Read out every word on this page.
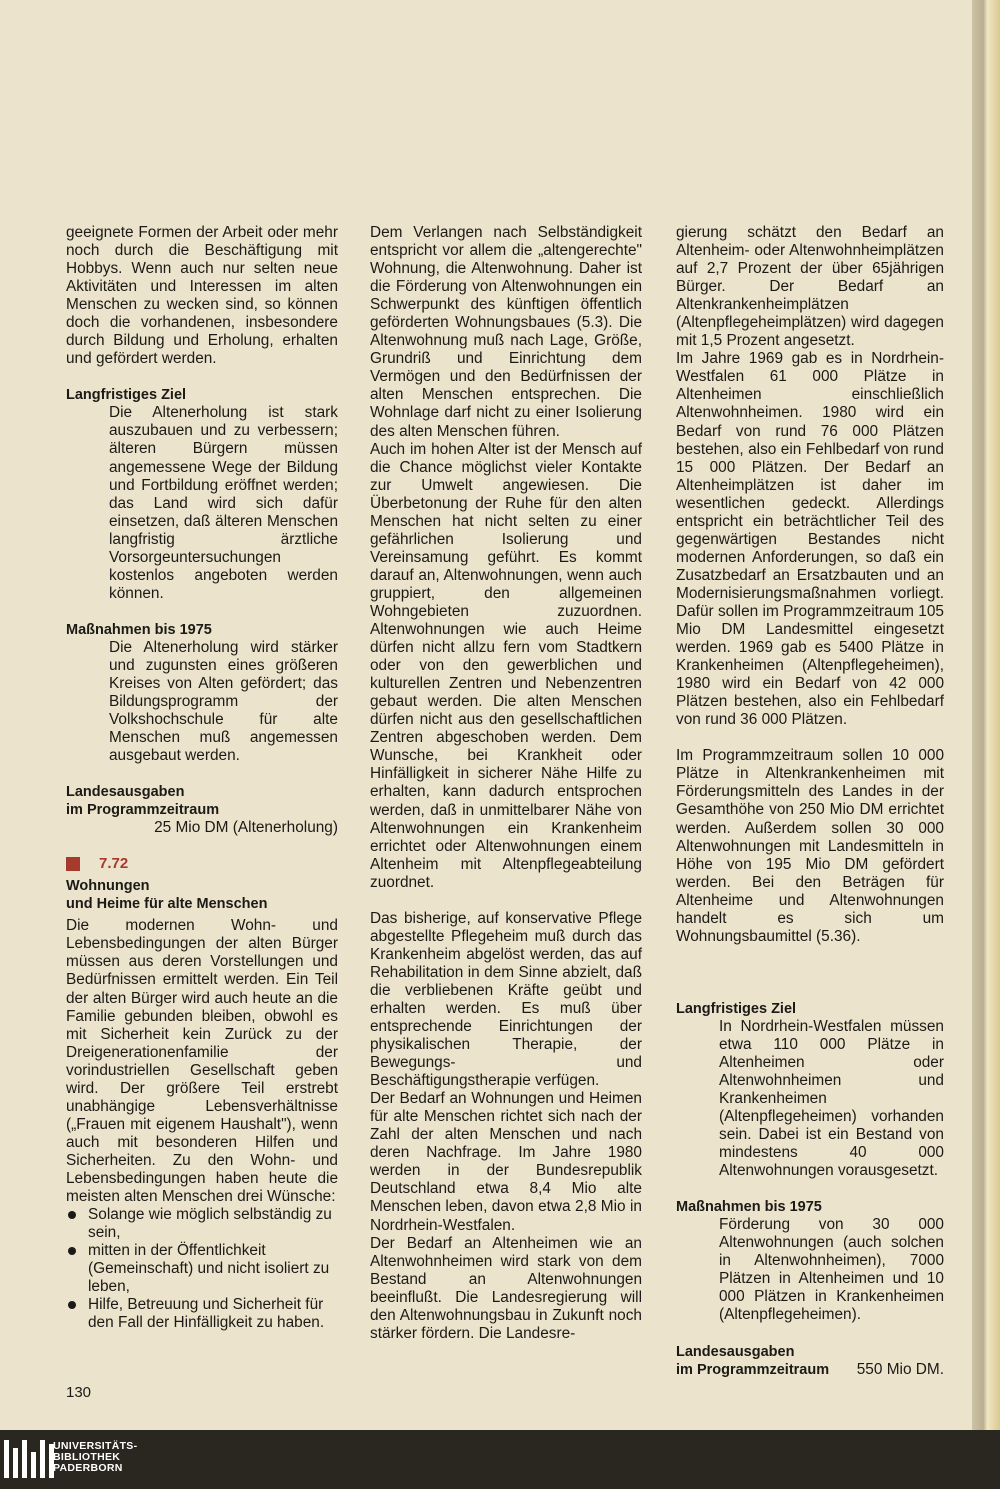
geeignete Formen der Arbeit oder mehr noch durch die Beschäftigung mit Hobbys. Wenn auch nur selten neue Aktivitäten und Interessen im alten Menschen zu wecken sind, so können doch die vorhandenen, insbesondere durch Bildung und Erholung, erhalten und gefördert werden.

Langfristiges Ziel

Die Altenerholung ist stark auszubauen und zu verbessern; älteren Bürgern müssen angemessene Wege der Bildung und Fortbildung eröffnet werden; das Land wird sich dafür einsetzen, daß älteren Menschen langfristig ärztliche Vorsorgeuntersuchungen kostenlos angeboten werden können.

Maßnahmen bis 1975

Die Altenerholung wird stärker und zugunsten eines größeren Kreises von Alten gefördert; das Bildungsprogramm der Volkshochschule für alte Menschen muß angemessen ausgebaut werden.

Landesausgaben
im Programmzeitraum

25 Mio DM (Altenerholung)

7.72
Wohnungen
und Heime für alte Menschen

Die modernen Wohn- und Lebensbedingungen der alten Bürger müssen aus deren Vorstellungen und Bedürfnissen ermittelt werden. Ein Teil der alten Bürger wird auch heute an die Familie gebunden bleiben, obwohl es mit Sicherheit kein Zurück zu der Dreigenerationenfamilie der vorindustriellen Gesellschaft geben wird. Der größere Teil erstrebt unabhängige Lebensverhältnisse („Frauen mit eigenem Haushalt"), wenn auch mit besonderen Hilfen und Sicherheiten. Zu den Wohn- und Lebensbedingungen haben heute die meisten alten Menschen drei Wünsche:

Solange wie möglich selbständig zu sein,
mitten in der Öffentlichkeit (Gemeinschaft) und nicht isoliert zu leben,
Hilfe, Betreuung und Sicherheit für den Fall der Hinfälligkeit zu haben.

Dem Verlangen nach Selbständigkeit entspricht vor allem die „altengerechte" Wohnung, die Altenwohnung. Daher ist die Förderung von Altenwohnungen ein Schwerpunkt des künftigen öffentlich geförderten Wohnungsbaues (5.3). Die Altenwohnung muß nach Lage, Größe, Grundriß und Einrichtung dem Vermögen und den Bedürfnissen der alten Menschen entsprechen. Die Wohnlage darf nicht zu einer Isolierung des alten Menschen führen.

Auch im hohen Alter ist der Mensch auf die Chance möglichst vieler Kontakte zur Umwelt angewiesen. Die Überbetonung der Ruhe für den alten Menschen hat nicht selten zu einer gefährlichen Isolierung und Vereinsamung geführt. Es kommt darauf an, Altenwohnungen, wenn auch gruppiert, den allgemeinen Wohngebieten zuzuordnen. Altenwohnungen wie auch Heime dürfen nicht allzu fern vom Stadtkern oder von den gewerblichen und kulturellen Zentren und Nebenzentren gebaut werden. Die alten Menschen dürfen nicht aus den gesellschaftlichen Zentren abgeschoben werden. Dem Wunsche, bei Krankheit oder Hinfälligkeit in sicherer Nähe Hilfe zu erhalten, kann dadurch entsprochen werden, daß in unmittelbarer Nähe von Altenwohnungen ein Krankenheim errichtet oder Altenwohnungen einem Altenheim mit Altenpflegeabteilung zuordnet.

Das bisherige, auf konservative Pflege abgestellte Pflegeheim muß durch das Krankenheim abgelöst werden, das auf Rehabilitation in dem Sinne abzielt, daß die verbliebenen Kräfte geübt und erhalten werden. Es muß über entsprechende Einrichtungen der physikalischen Therapie, der Bewegungs- und Beschäftigungstherapie verfügen.

Der Bedarf an Wohnungen und Heimen für alte Menschen richtet sich nach der Zahl der alten Menschen und nach deren Nachfrage. Im Jahre 1980 werden in der Bundesrepublik Deutschland etwa 8,4 Mio alte Menschen leben, davon etwa 2,8 Mio in Nordrhein-Westfalen.

Der Bedarf an Altenheimen wie an Altenwohnheimen wird stark von dem Bestand an Altenwohnungen beeinflußt. Die Landesregierung will den Altenwohnungsbau in Zukunft noch stärker fördern. Die Landesre-

gierung schätzt den Bedarf an Altenheim- oder Altenwohnheimplätzen auf 2,7 Prozent der über 65jährigen Bürger. Der Bedarf an Altenkrankenheimplätzen (Altenpflegeheimplätzen) wird dagegen mit 1,5 Prozent angesetzt.

Im Jahre 1969 gab es in Nordrhein-Westfalen 61 000 Plätze in Altenheimen einschließlich Altenwohnheimen. 1980 wird ein Bedarf von rund 76 000 Plätzen bestehen, also ein Fehlbedarf von rund 15 000 Plätzen. Der Bedarf an Altenheimplätzen ist daher im wesentlichen gedeckt. Allerdings entspricht ein beträchtlicher Teil des gegenwärtigen Bestandes nicht modernen Anforderungen, so daß ein Zusatzbedarf an Ersatzbauten und an Modernisierungsmaßnahmen vorliegt. Dafür sollen im Programmzeitraum 105 Mio DM Landesmittel eingesetzt werden. 1969 gab es 5400 Plätze in Krankenheimen (Altenpflegeheimen), 1980 wird ein Bedarf von 42 000 Plätzen bestehen, also ein Fehlbedarf von rund 36 000 Plätzen.

Im Programmzeitraum sollen 10 000 Plätze in Altenkrankenheimen mit Förderungsmitteln des Landes in der Gesamthöhe von 250 Mio DM errichtet werden. Außerdem sollen 30 000 Altenwohnungen mit Landesmitteln in Höhe von 195 Mio DM gefördert werden. Bei den Beträgen für Altenheime und Altenwohnungen handelt es sich um Wohnungsbaumittel (5.36).

Langfristiges Ziel

In Nordrhein-Westfalen müssen etwa 110 000 Plätze in Altenheimen oder Altenwohnheimen und Krankenheimen (Altenpflegeheimen) vorhanden sein. Dabei ist ein Bestand von mindestens 40 000 Altenwohnungen vorausgesetzt.

Maßnahmen bis 1975

Förderung von 30 000 Altenwohnungen (auch solchen in Altenwohnheimen), 7000 Plätzen in Altenheimen und 10 000 Plätzen in Krankenheimen (Altenpflegeheimen).

Landesausgaben
im Programmzeitraum 550 Mio DM.
130
UNIVERSITÄTS-
BIBLIOTHEK
PADERBORN
